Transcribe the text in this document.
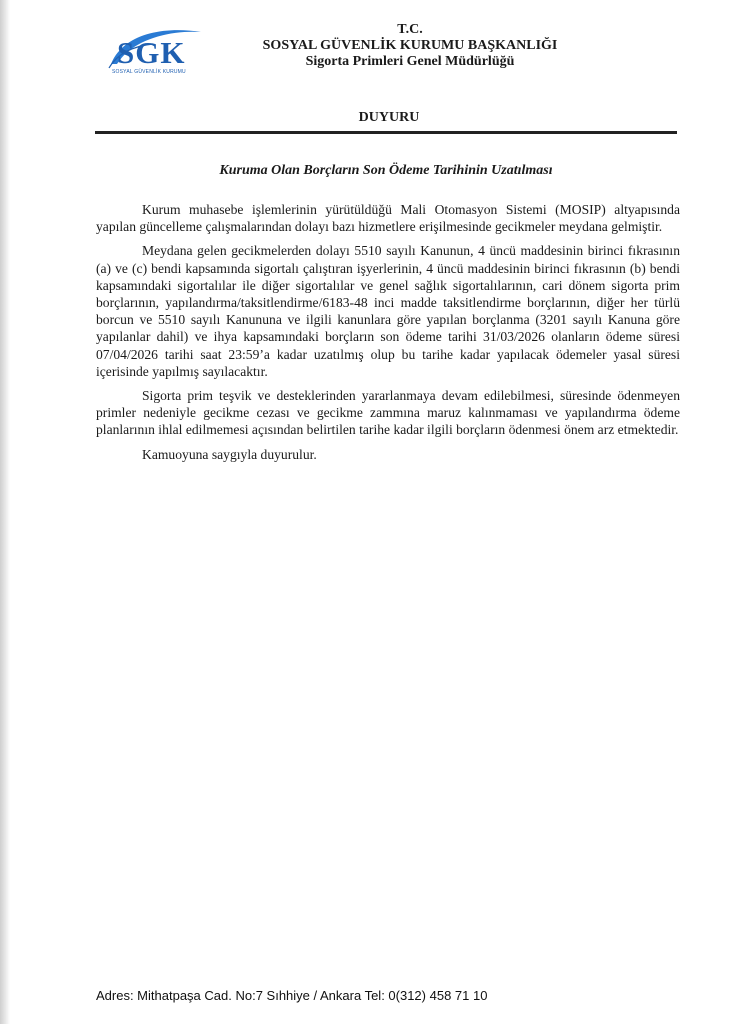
SGK
SOSYAL GÜVENLİK KURUMU
T.C.
SOSYAL GÜVENLİK KURUMU BAŞKANLIĞI
Sigorta Primleri Genel Müdürlüğü
DUYURU
Kuruma Olan Borçların Son Ödeme Tarihinin Uzatılması

Kurum muhasebe işlemlerinin yürütüldüğü Mali Otomasyon Sistemi (MOSIP) altyapısında yapılan güncelleme çalışmalarından dolayı bazı hizmetlere erişilmesinde gecikmeler meydana gelmiştir.

Meydana gelen gecikmelerden dolayı 5510 sayılı Kanunun, 4 üncü maddesinin birinci fıkrasının (a) ve (c) bendi kapsamında sigortalı çalıştıran işyerlerinin, 4 üncü maddesinin birinci fıkrasının (b) bendi kapsamındaki sigortalılar ile diğer sigortalılar ve genel sağlık sigortalılarının, cari dönem sigorta prim borçlarının, yapılandırma/taksitlendirme/6183-48 inci madde taksitlendirme borçlarının, diğer her türlü borcun ve 5510 sayılı Kanununa ve ilgili kanunlara göre yapılan borçlanma (3201 sayılı Kanuna göre yapılanlar dahil) ve ihya kapsamındaki borçların son ödeme tarihi 31/03/2026 olanların ödeme süresi 07/04/2026 tarihi saat 23:59’a kadar uzatılmış olup bu tarihe kadar yapılacak ödemeler yasal süresi içerisinde yapılmış sayılacaktır.

Sigorta prim teşvik ve desteklerinden yararlanmaya devam edilebilmesi, süresinde ödenmeyen primler nedeniyle gecikme cezası ve gecikme zammına maruz kalınmaması ve yapılandırma ödeme planlarının ihlal edilmemesi açısından belirtilen tarihe kadar ilgili borçların ödenmesi önem arz etmektedir.

Kamuoyuna saygıyla duyurulur.

Adres: Mithatpaşa Cad. No:7 Sıhhiye / Ankara Tel: 0(312) 458 71 10
